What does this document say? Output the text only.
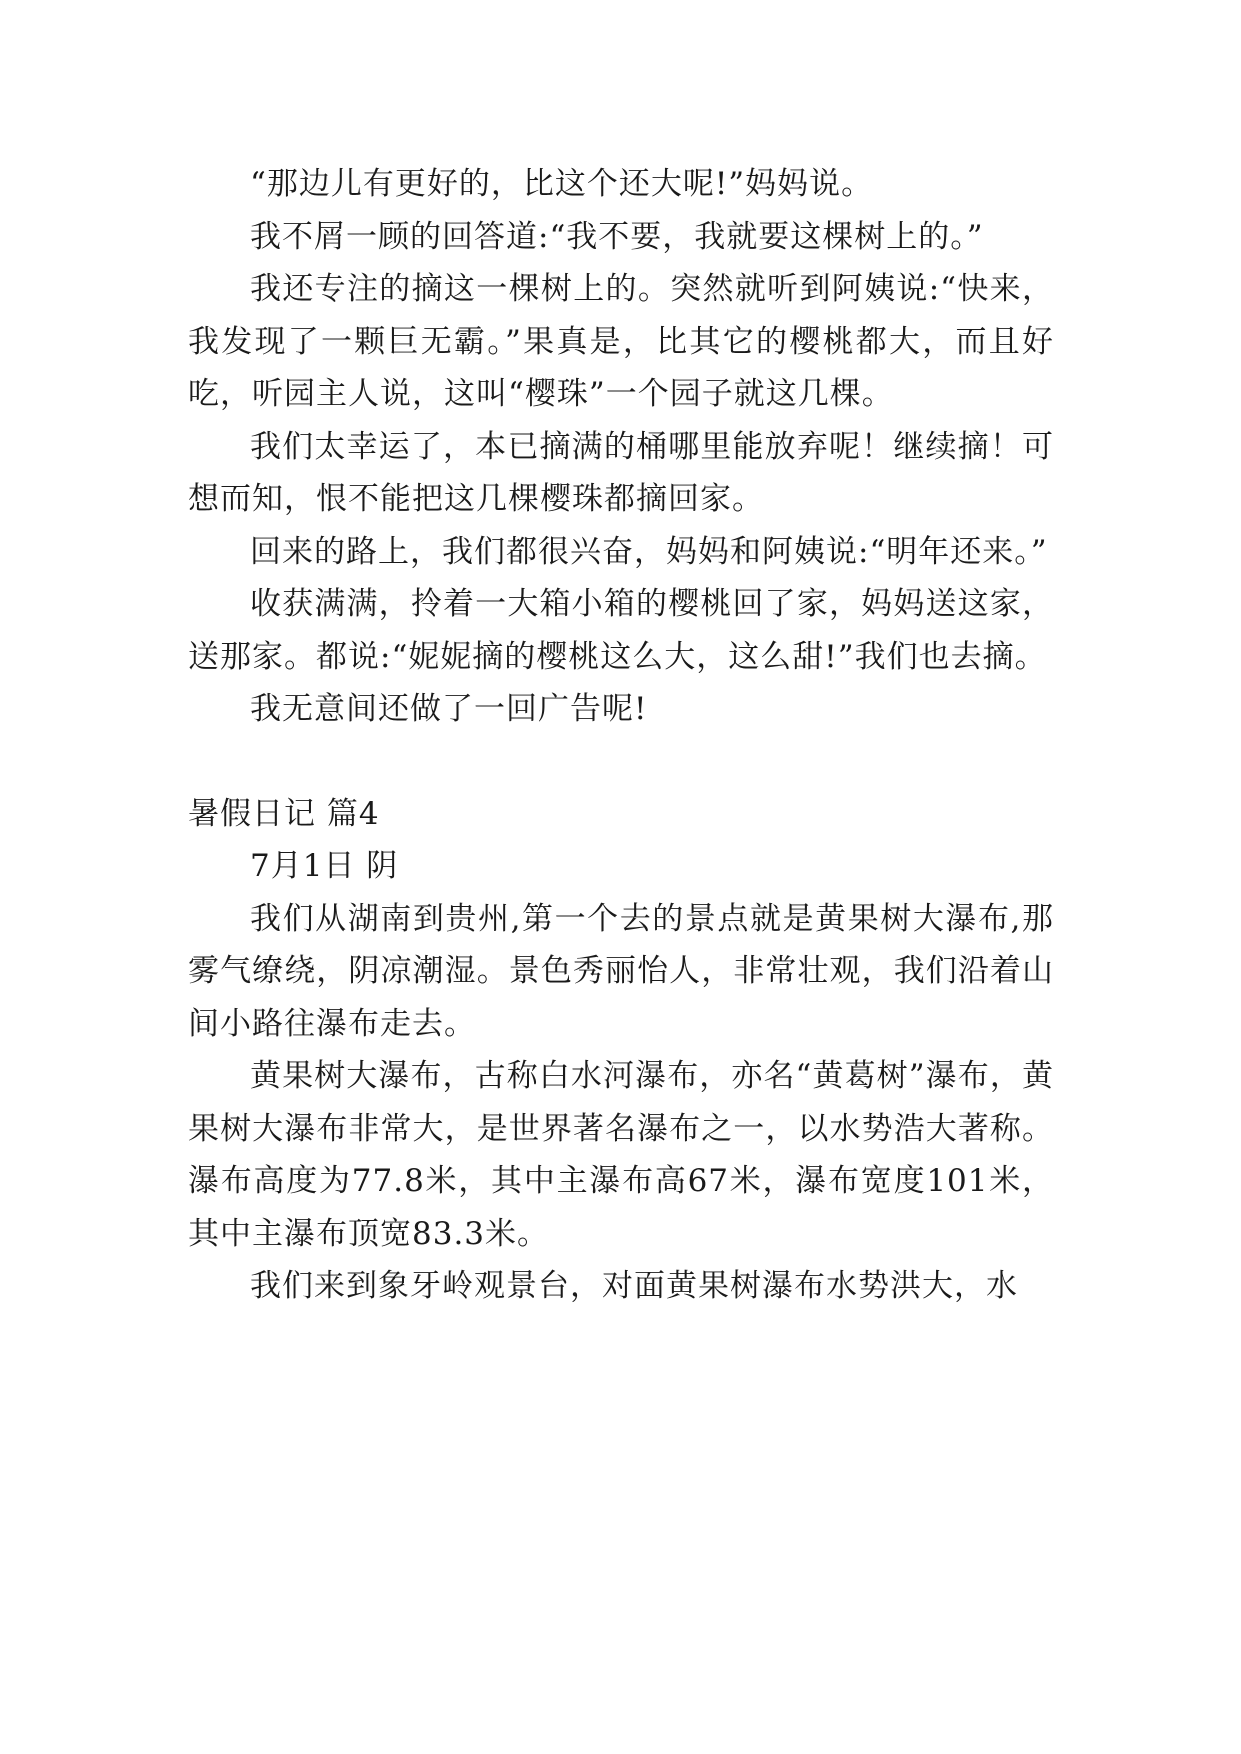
“那边儿有更好的，比这个还大呢!”妈妈说。

我不屑一顾的回答道:“我不要，我就要这棵树上的。”

我还专注的摘这一棵树上的。突然就听到阿姨说:“快来，我发现了一颗巨无霸。”果真是，比其它的樱桃都大，而且好吃，听园主人说，这叫“樱珠”一个园子就这几棵。

我们太幸运了，本已摘满的桶哪里能放弃呢！继续摘！可想而知，恨不能把这几棵樱珠都摘回家。

回来的路上，我们都很兴奋，妈妈和阿姨说:“明年还来。”

收获满满，拎着一大箱小箱的樱桃回了家，妈妈送这家，送那家。都说:“妮妮摘的樱桃这么大，这么甜!”我们也去摘。

我无意间还做了一回广告呢!

暑假日记 篇4

7月1日 阴

我们从湖南到贵州,第一个去的景点就是黄果树大瀑布,那雾气缭绕，阴凉潮湿。景色秀丽怡人，非常壮观，我们沿着山间小路往瀑布走去。

黄果树大瀑布，古称白水河瀑布，亦名“黄葛树”瀑布，黄果树大瀑布非常大，是世界著名瀑布之一，以水势浩大著称。瀑布高度为77.8米，其中主瀑布高67米，瀑布宽度101米，其中主瀑布顶宽83.3米。

我们来到象牙岭观景台，对面黄果树瀑布水势洪大，水
